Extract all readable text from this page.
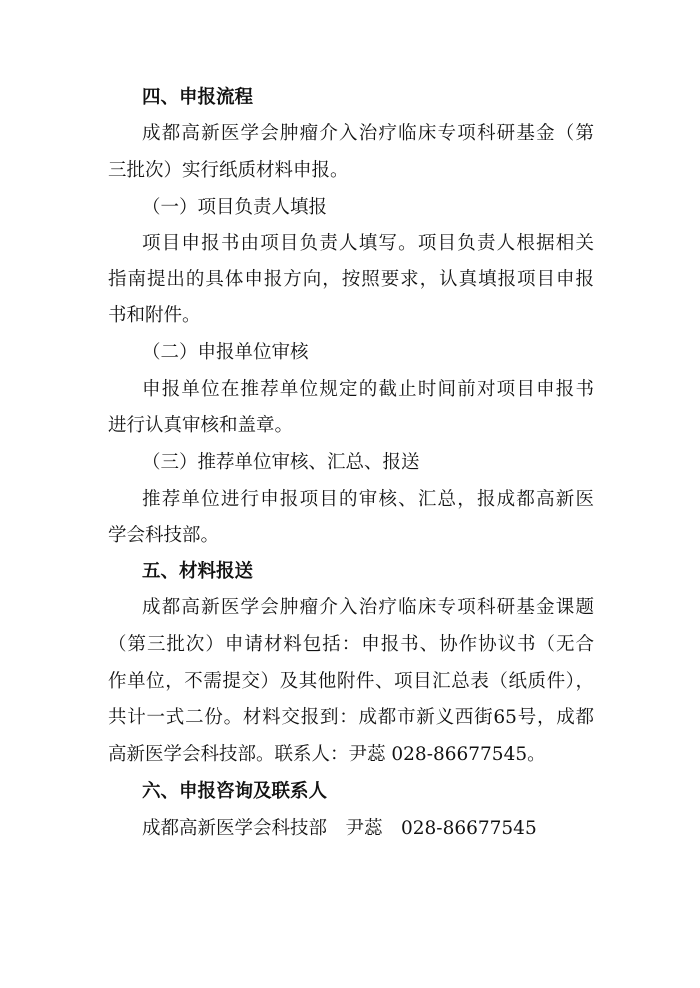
四、申报流程
成都高新医学会肿瘤介入治疗临床专项科研基金（第
三批次）实行纸质材料申报。
（一）项目负责人填报
项目申报书由项目负责人填写。项目负责人根据相关
指南提出的具体申报方向，按照要求，认真填报项目申报
书和附件。
（二）申报单位审核
申报单位在推荐单位规定的截止时间前对项目申报书
进行认真审核和盖章。
（三）推荐单位审核、汇总、报送
推荐单位进行申报项目的审核、汇总，报成都高新医
学会科技部。
五、材料报送
成都高新医学会肿瘤介入治疗临床专项科研基金课题
（第三批次）申请材料包括：申报书、协作协议书（无合
作单位，不需提交）及其他附件、项目汇总表（纸质件），
共计一式二份。材料交报到：成都市新义西街65号，成都
高新医学会科技部。联系人：尹蕊 028-86677545。
六、申报咨询及联系人
成都高新医学会科技部　尹蕊　028-86677545
